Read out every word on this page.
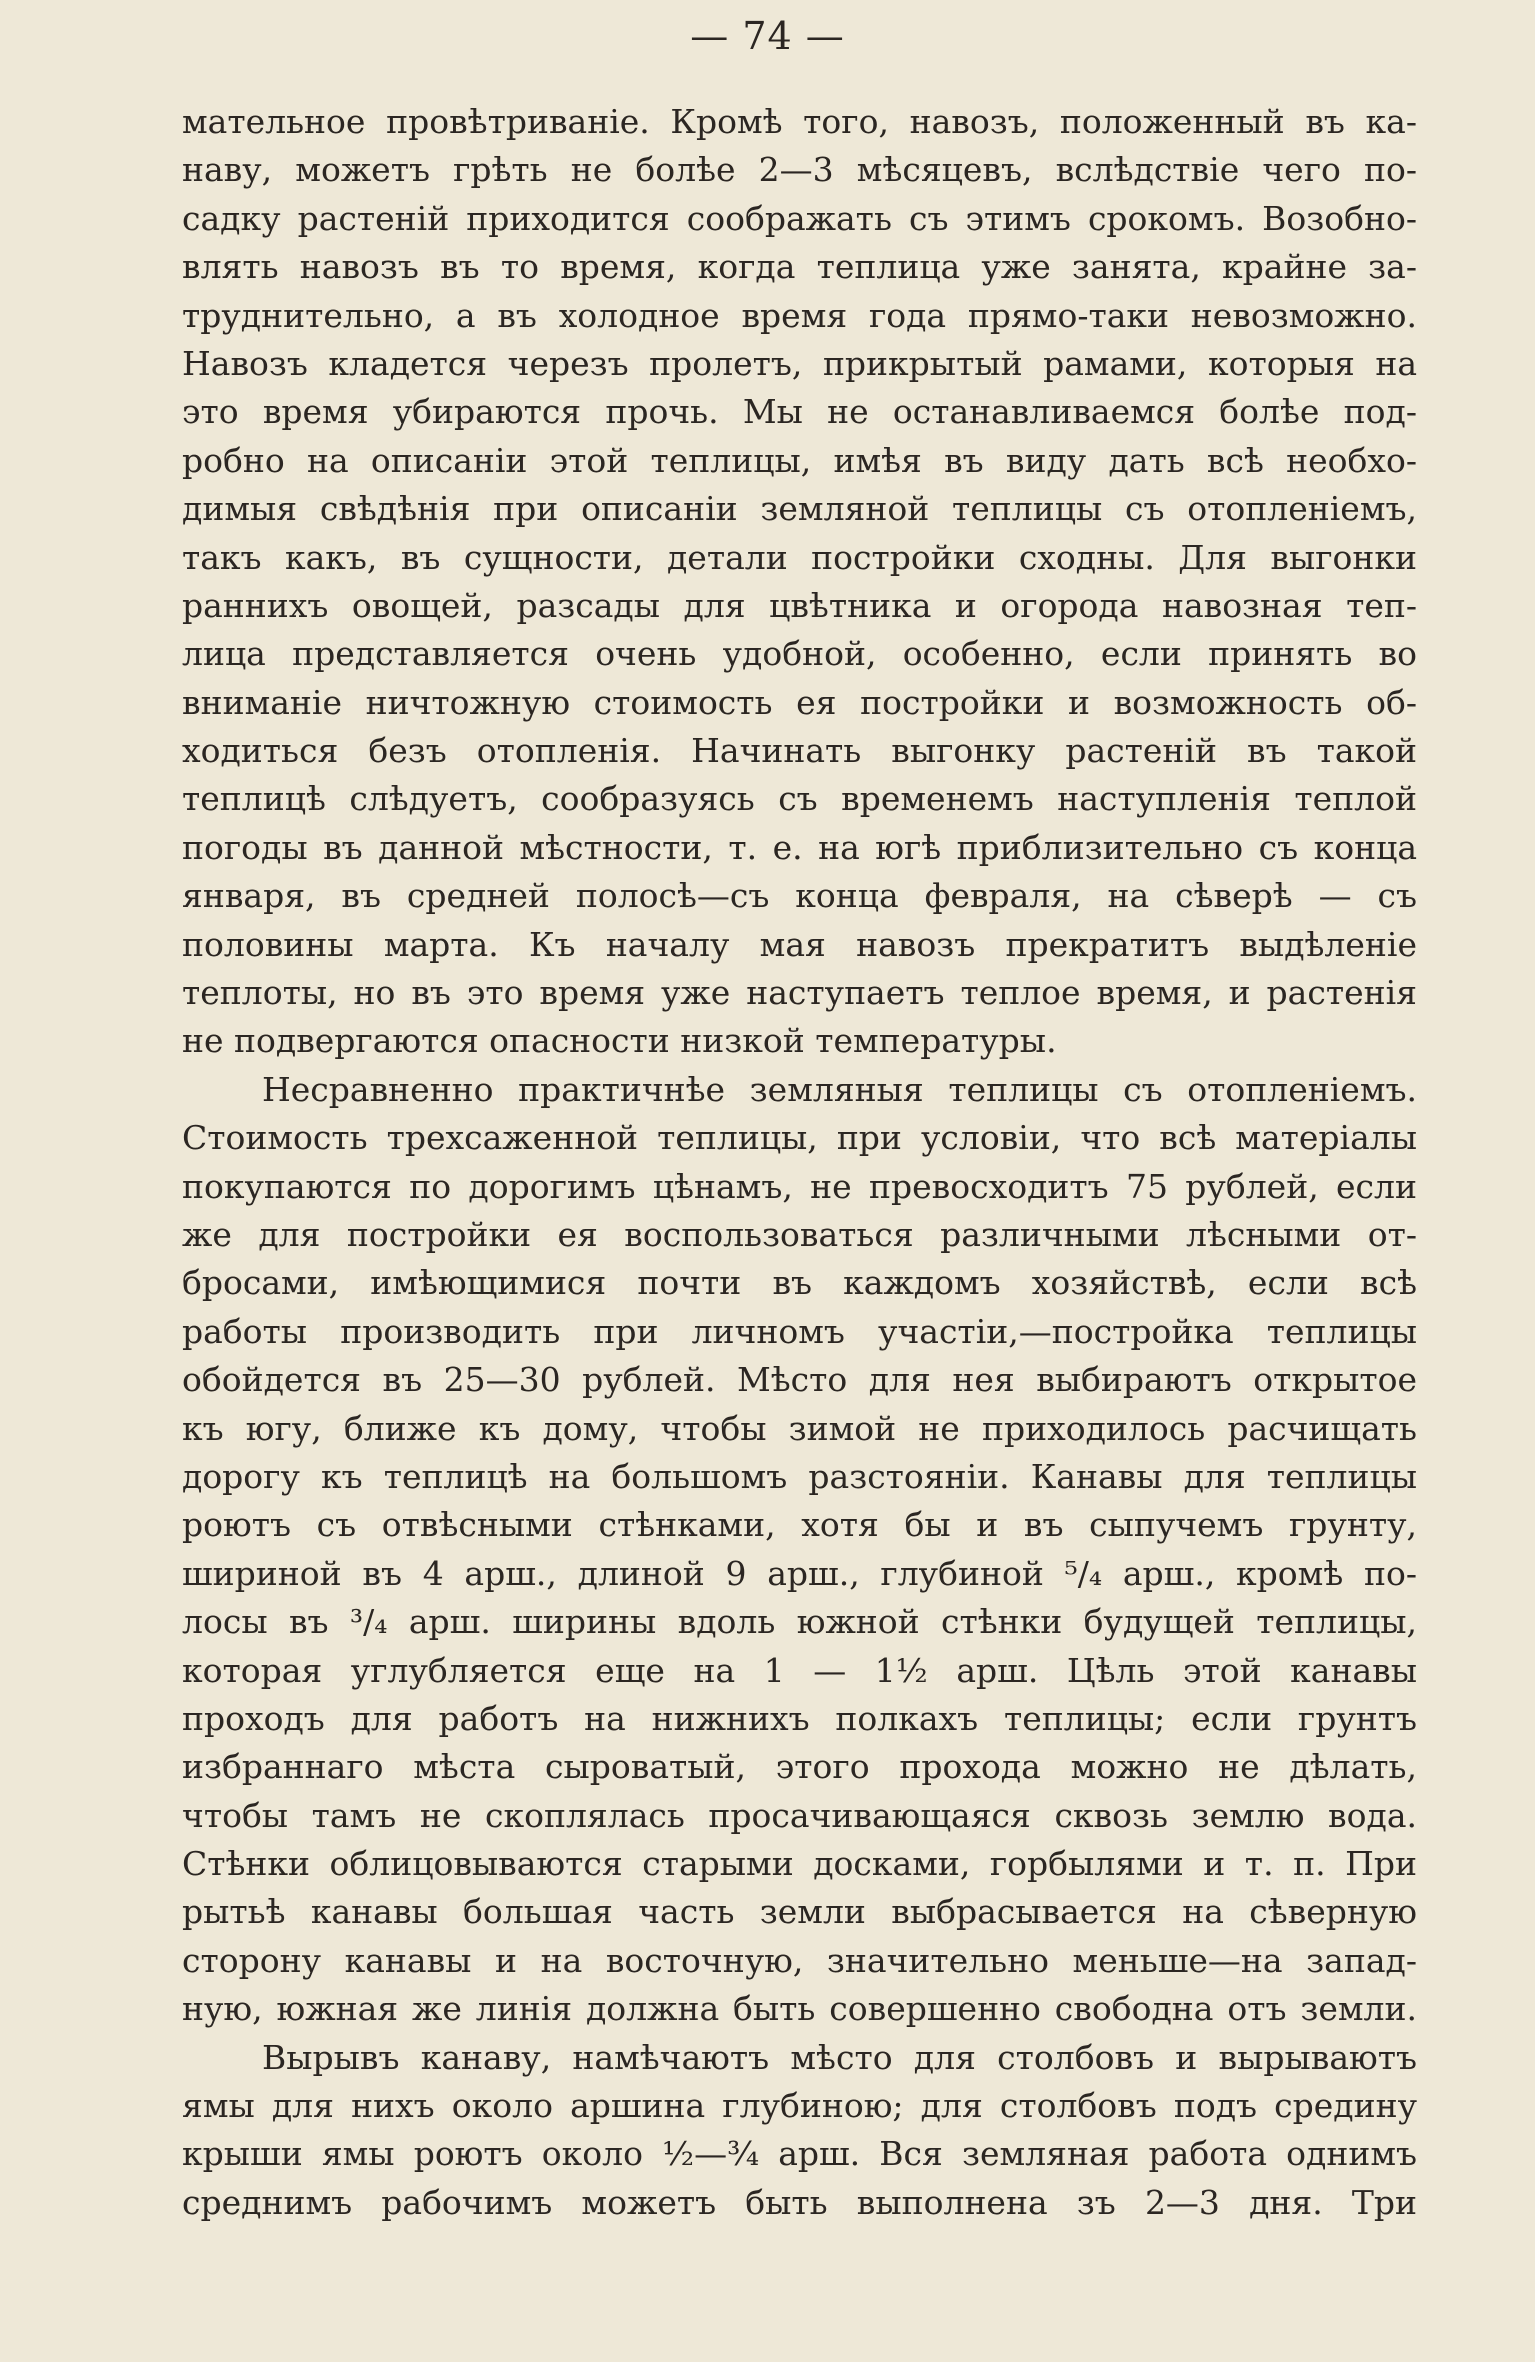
— 74 —
мательное провѣтриваніе. Кромѣ того, навозъ, положенный въ ка-
наву, можетъ грѣть не болѣе 2—3 мѣсяцевъ, вслѣдствіе чего по-
садку растеній приходится соображать съ этимъ срокомъ. Возобно-
влять навозъ въ то время, когда теплица уже занята, крайне за-
труднительно, а въ холодное время года прямо-таки невозможно.
Навозъ кладется черезъ пролетъ, прикрытый рамами, которыя на
это время убираются прочь. Мы не останавливаемся болѣе под-
робно на описаніи этой теплицы, имѣя въ виду дать всѣ необхо-
димыя свѣдѣнія при описаніи земляной теплицы съ отопленіемъ,
такъ какъ, въ сущности, детали постройки сходны. Для выгонки
раннихъ овощей, разсады для цвѣтника и огорода навозная теп-
лица представляется очень удобной, особенно, если принять во
вниманіе ничтожную стоимость ея постройки и возможность об-
ходиться безъ отопленія. Начинать выгонку растеній въ такой
теплицѣ слѣдуетъ, сообразуясь съ временемъ наступленія теплой
погоды въ данной мѣстности, т. е. на югѣ приблизительно съ конца
января, въ средней полосѣ—съ конца февраля, на сѣверѣ — съ
половины марта. Къ началу мая навозъ прекратитъ выдѣленіе
теплоты, но въ это время уже наступаетъ теплое время, и растенія
не подвергаются опасности низкой температуры.
Несравненно практичнѣе земляныя теплицы съ отопленіемъ.
Стоимость трехсаженной теплицы, при условіи, что всѣ матеріалы
покупаются по дорогимъ цѣнамъ, не превосходитъ 75 рублей, если
же для постройки ея воспользоваться различными лѣсными от-
бросами, имѣющимися почти въ каждомъ хозяйствѣ, если всѣ
работы производить при личномъ участіи,—постройка теплицы
обойдется въ 25—30 рублей. Мѣсто для нея выбираютъ открытое
къ югу, ближе къ дому, чтобы зимой не приходилось расчищать
дорогу къ теплицѣ на большомъ разстояніи. Канавы для теплицы
роютъ съ отвѣсными стѣнками, хотя бы и въ сыпучемъ грунту,
шириной въ 4 арш., длиной 9 арш., глубиной ⁵/₄ арш., кромѣ по-
лосы въ ³/₄ арш. ширины вдоль южной стѣнки будущей теплицы,
которая углубляется еще на 1 — 1½ арш. Цѣль этой канавы
проходъ для работъ на нижнихъ полкахъ теплицы; если грунтъ
избраннаго мѣста сыроватый, этого прохода можно не дѣлать,
чтобы тамъ не скоплялась просачивающаяся сквозь землю вода.
Стѣнки облицовываются старыми досками, горбылями и т. п. При
рытьѣ канавы большая часть земли выбрасывается на сѣверную
сторону канавы и на восточную, значительно меньше—на запад-
ную, южная же линія должна быть совершенно свободна отъ земли.
Вырывъ канаву, намѣчаютъ мѣсто для столбовъ и вырываютъ
ямы для нихъ около аршина глубиною; для столбовъ подъ средину
крыши ямы роютъ около ½—¾ арш. Вся земляная работа однимъ
среднимъ рабочимъ можетъ быть выполнена зъ 2—3 дня. Три
